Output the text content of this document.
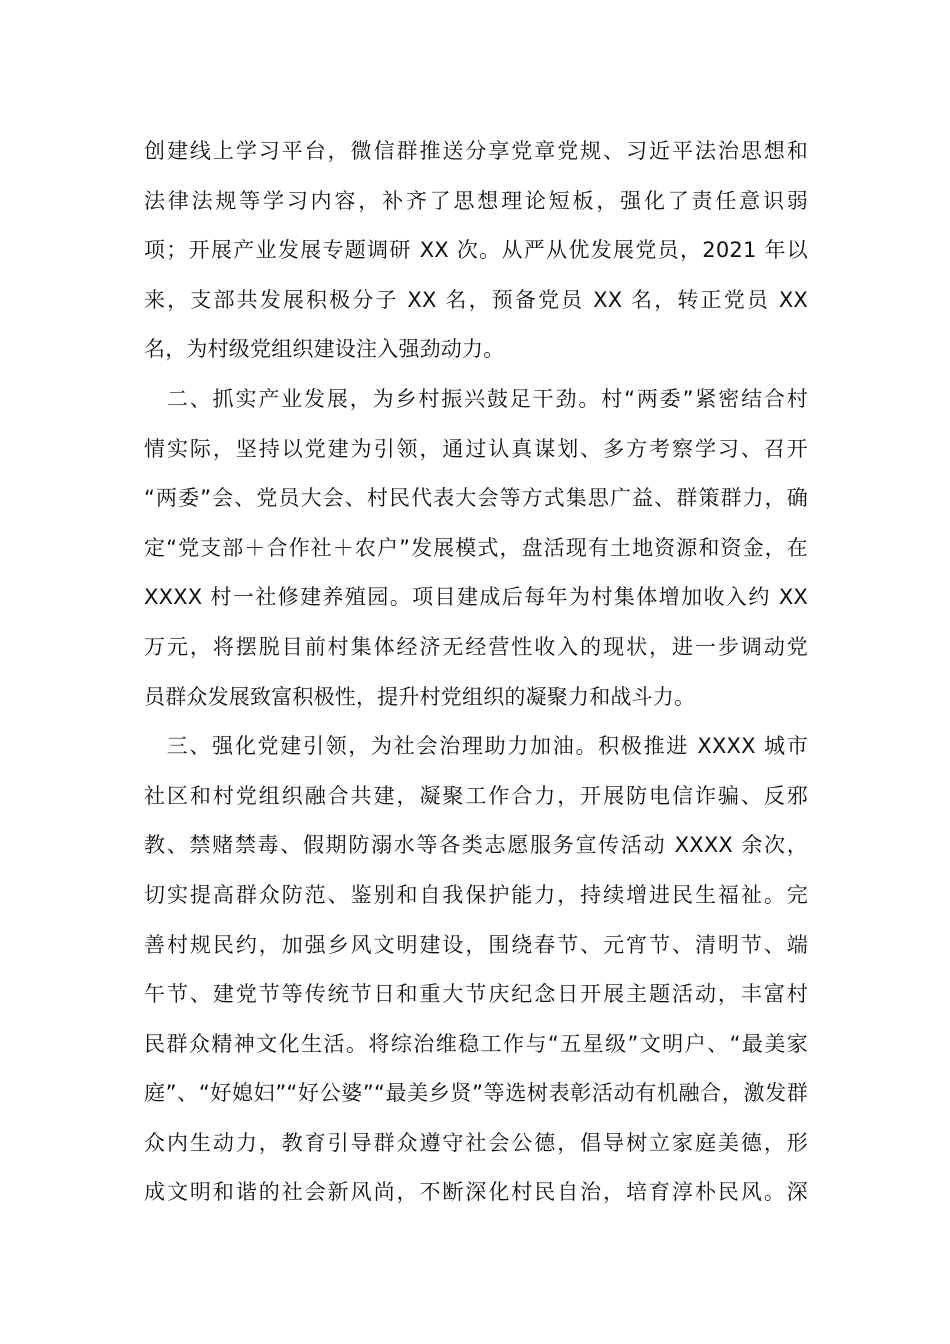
创建线上学习平台，微信群推送分享党章党规、习近平法治思想和
法律法规等学习内容，补齐了思想理论短板，强化了责任意识弱
项；开展产业发展专题调研 XX 次。从严从优发展党员，2021 年以
来，支部共发展积极分子 XX 名，预备党员 XX 名，转正党员 XX
名，为村级党组织建设注入强劲动力。
　二、抓实产业发展，为乡村振兴鼓足干劲。村“两委”紧密结合村
情实际，坚持以党建为引领，通过认真谋划、多方考察学习、召开
“两委”会、党员大会、村民代表大会等方式集思广益、群策群力，确
定“党支部＋合作社＋农户”发展模式，盘活现有土地资源和资金，在
XXXX 村一社修建养殖园。项目建成后每年为村集体增加收入约 XX
万元，将摆脱目前村集体经济无经营性收入的现状，进一步调动党
员群众发展致富积极性，提升村党组织的凝聚力和战斗力。
　三、强化党建引领，为社会治理助力加油。积极推进 XXXX 城市
社区和村党组织融合共建，凝聚工作合力，开展防电信诈骗、反邪
教、禁赌禁毒、假期防溺水等各类志愿服务宣传活动 XXXX 余次，
切实提高群众防范、鉴别和自我保护能力，持续增进民生福祉。完
善村规民约，加强乡风文明建设，围绕春节、元宵节、清明节、端
午节、建党节等传统节日和重大节庆纪念日开展主题活动，丰富村
民群众精神文化生活。将综治维稳工作与“五星级”文明户、“最美家
庭”、“好媳妇”“好公婆”“最美乡贤”等选树表彰活动有机融合，激发群
众内生动力，教育引导群众遵守社会公德，倡导树立家庭美德，形
成文明和谐的社会新风尚，不断深化村民自治，培育淳朴民风。深
